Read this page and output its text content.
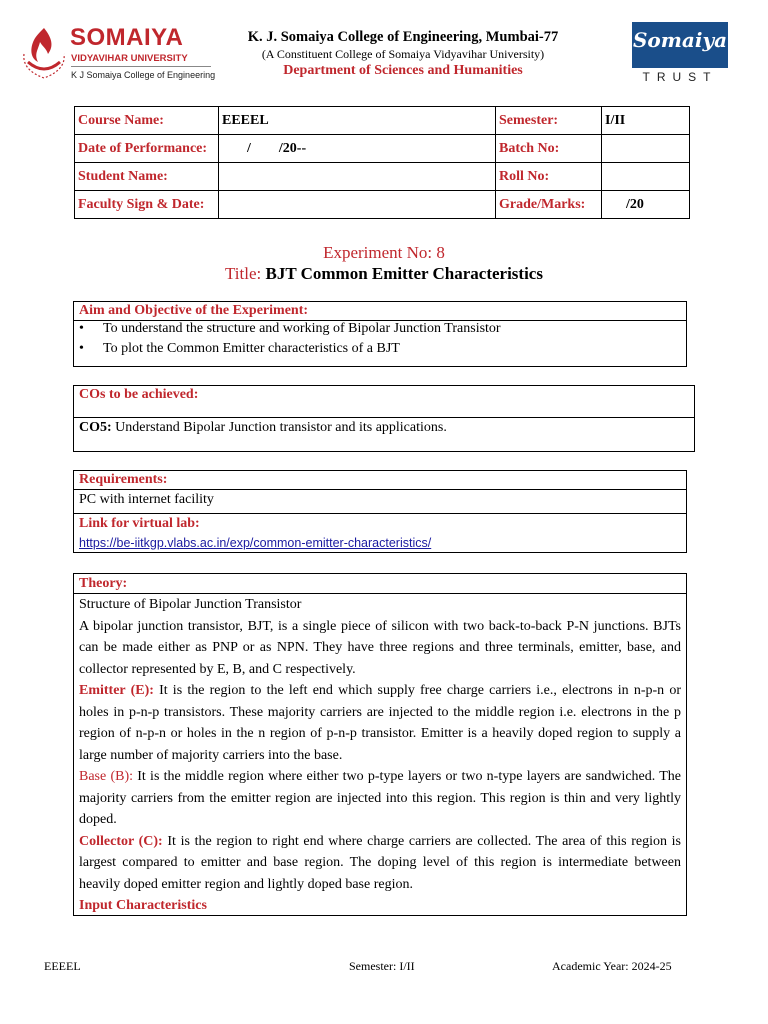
SOMAIYA
VIDYAVIHAR UNIVERSITY
K J Somaiya College of Engineering
K. J. Somaiya College of Engineering, Mumbai-77
(A Constituent College of Somaiya Vidyavihar University)
Department of Sciences and Humanities
Somaiya
TRUST
Course Name:	EEEEL	Semester:	I/II
Date of Performance:	/        /20--	Batch No:	
Student Name:		Roll No:	
Faculty Sign & Date:		Grade/Marks:	/20
Experiment No: 8
Title: BJT Common Emitter Characteristics
Aim and Objective of the Experiment:
• To understand the structure and working of Bipolar Junction Transistor
• To plot the Common Emitter characteristics of a BJT
COs to be achieved:
CO5: Understand Bipolar Junction transistor and its applications.
Requirements:
PC with internet facility
Link for virtual lab:
https://be-iitkgp.vlabs.ac.in/exp/common-emitter-characteristics/
Theory:

Structure of Bipolar Junction Transistor

A bipolar junction transistor, BJT, is a single piece of silicon with two back-to-back P-N junctions. BJTs can be made either as PNP or as NPN. They have three regions and three terminals, emitter, base, and collector represented by E, B, and C respectively.

Emitter (E): It is the region to the left end which supply free charge carriers i.e., electrons in n-p-n or holes in p-n-p transistors. These majority carriers are injected to the middle region i.e. electrons in the p region of n-p-n or holes in the n region of p-n-p transistor. Emitter is a heavily doped region to supply a large number of majority carriers into the base.

Base (B): It is the middle region where either two p-type layers or two n-type layers are sandwiched. The majority carriers from the emitter region are injected into this region. This region is thin and very lightly doped.

Collector (C): It is the region to right end where charge carriers are collected. The area of this region is largest compared to emitter and base region. The doping level of this region is intermediate between heavily doped emitter region and lightly doped base region.

Input Characteristics

EEEEL	Semester: I/II	Academic Year: 2024-25
